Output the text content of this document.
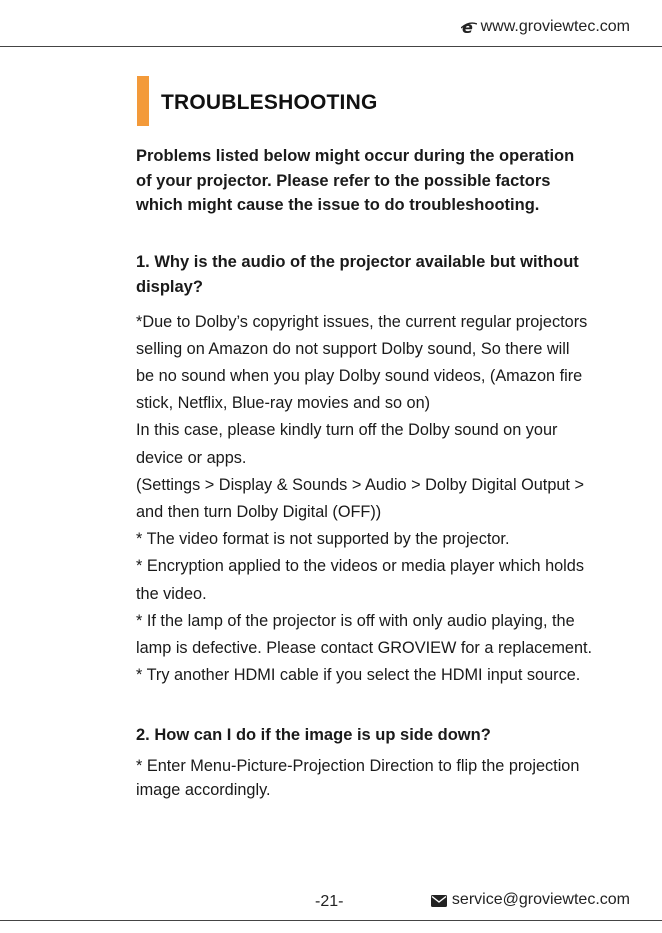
e www.groviewtec.com
TROUBLESHOOTING
Problems listed below might occur during the operation
of your projector. Please refer to the possible factors
which might cause the issue to do troubleshooting.
1. Why is the audio of the projector available but without
display?
*Due to Dolby’s copyright issues, the current regular projectors
selling on Amazon do not support Dolby sound, So there will
be no sound when you play Dolby sound videos, (Amazon fire
stick, Netflix, Blue-ray movies and so on)
In this case, please kindly turn off the Dolby sound on your
device or apps.
(Settings > Display & Sounds > Audio > Dolby Digital Output >
and then turn Dolby Digital (OFF))
* The video format is not supported by the projector.
* Encryption applied to the videos or media player which holds
the video.
* If the lamp of the projector is off with only audio playing, the
lamp is defective. Please contact GROVIEW for a replacement.
* Try another HDMI cable if you select the HDMI input source.
2. How can I do if the image is up side down?
* Enter Menu-Picture-Projection Direction to flip the projection
image accordingly.
-21-	service@groviewtec.com
